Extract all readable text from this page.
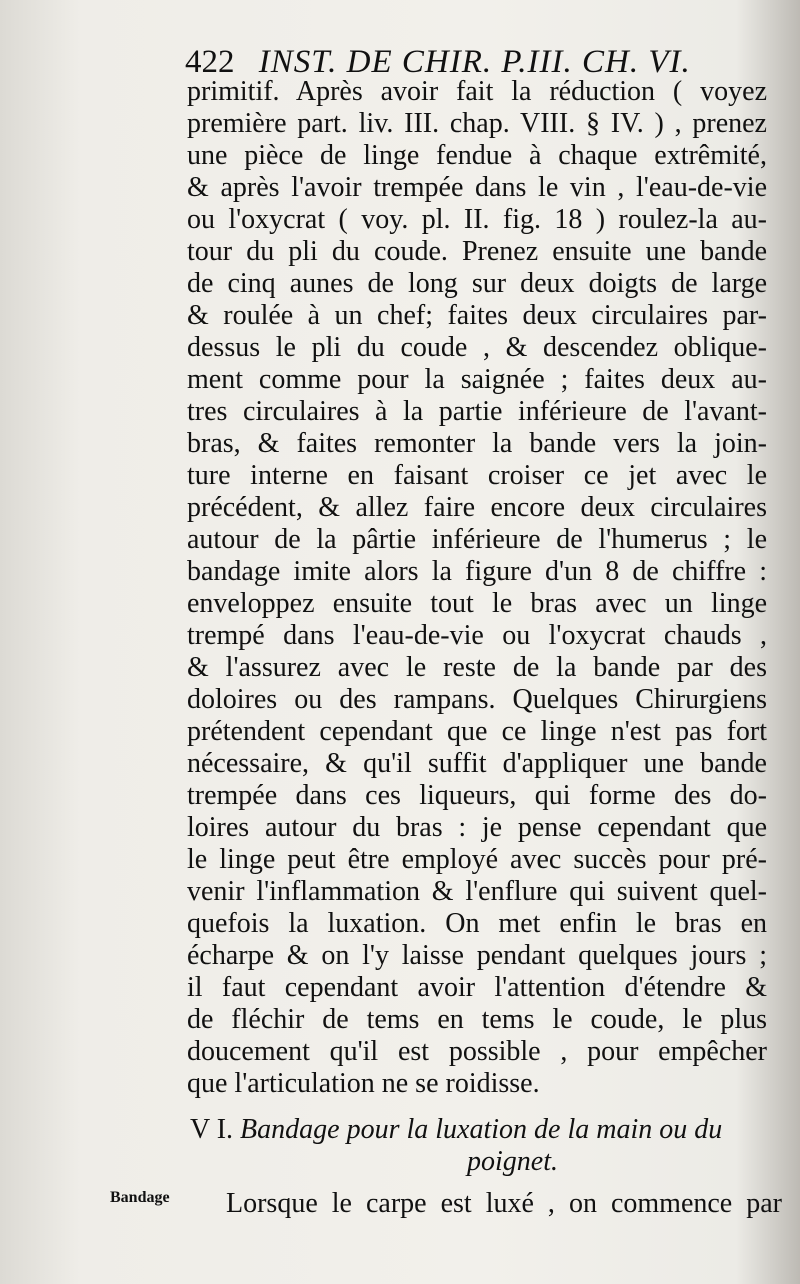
422 INST. DE CHIR. P.III. CH. VI.
primitif. Après avoir fait la réduction ( voyez
première part. liv. III. chap. VIII. § IV. ) , prenez
une pièce de linge fendue à chaque extrêmité,
& après l'avoir trempée dans le vin , l'eau-de-vie
ou l'oxycrat ( voy. pl. II. fig. 18 ) roulez-la au-
tour du pli du coude. Prenez ensuite une bande
de cinq aunes de long sur deux doigts de large
& roulée à un chef; faites deux circulaires par-
dessus le pli du coude , & descendez oblique-
ment comme pour la saignée ; faites deux au-
tres circulaires à la partie inférieure de l'avant-
bras, & faites remonter la bande vers la join-
ture interne en faisant croiser ce jet avec le
précédent, & allez faire encore deux circulaires
autour de la pârtie inférieure de l'humerus ; le
bandage imite alors la figure d'un 8 de chiffre :
enveloppez ensuite tout le bras avec un linge
trempé dans l'eau-de-vie ou l'oxycrat chauds ,
& l'assurez avec le reste de la bande par des
doloires ou des rampans. Quelques Chirurgiens
prétendent cependant que ce linge n'est pas fort
nécessaire, & qu'il suffit d'appliquer une bande
trempée dans ces liqueurs, qui forme des do-
loires autour du bras : je pense cependant que
le linge peut être employé avec succès pour pré-
venir l'inflammation & l'enflure qui suivent quel-
quefois la luxation. On met enfin le bras en
écharpe & on l'y laisse pendant quelques jours ;
il faut cependant avoir l'attention d'étendre &
de fléchir de tems en tems le coude, le plus
doucement qu'il est possible , pour empêcher
que l'articulation ne se roidisse.
V I. Bandage pour la luxation de la main ou du
poignet.
Bandage Lorsque le carpe est luxé , on commence par
